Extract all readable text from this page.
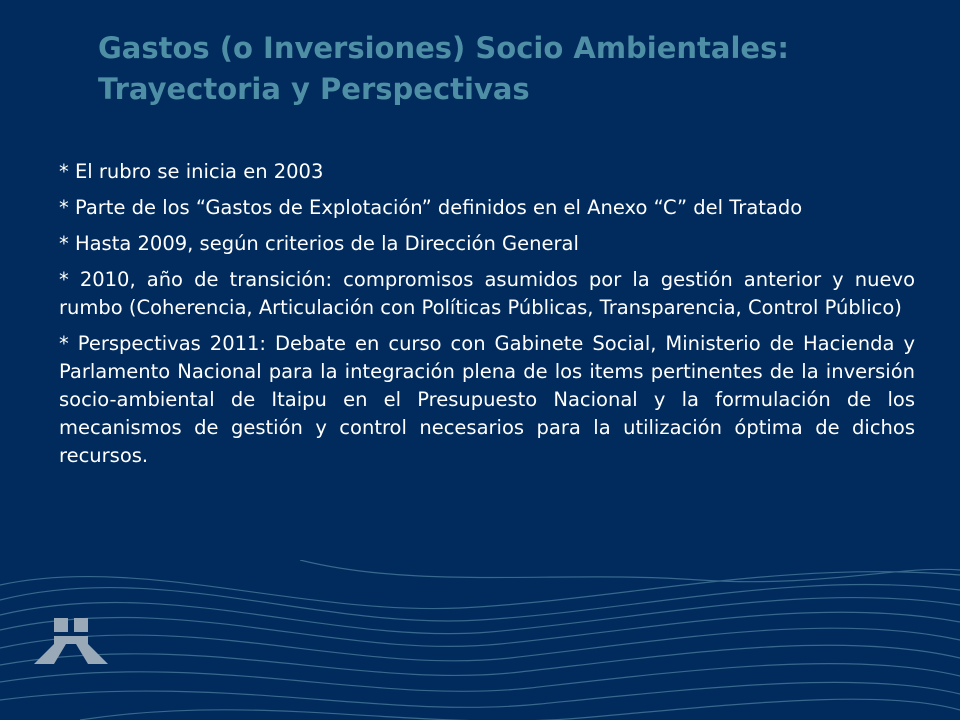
Gastos (o Inversiones) Socio Ambientales:
Trayectoria y Perspectivas

* El rubro se inicia en 2003

* Parte de los “Gastos de Explotación” definidos en el Anexo “C” del Tratado

* Hasta 2009, según criterios de la Dirección General

* 2010, año de transición: compromisos asumidos por la gestión anterior y nuevo rumbo (Coherencia, Articulación con Políticas Públicas, Transparencia, Control Público)

* Perspectivas 2011: Debate en curso con Gabinete Social, Ministerio de Hacienda y Parlamento Nacional para la integración plena de los items pertinentes de la inversión socio-ambiental de Itaipu en el Presupuesto Nacional y la formulación de los mecanismos de gestión y control necesarios para la utilización óptima de dichos recursos.
